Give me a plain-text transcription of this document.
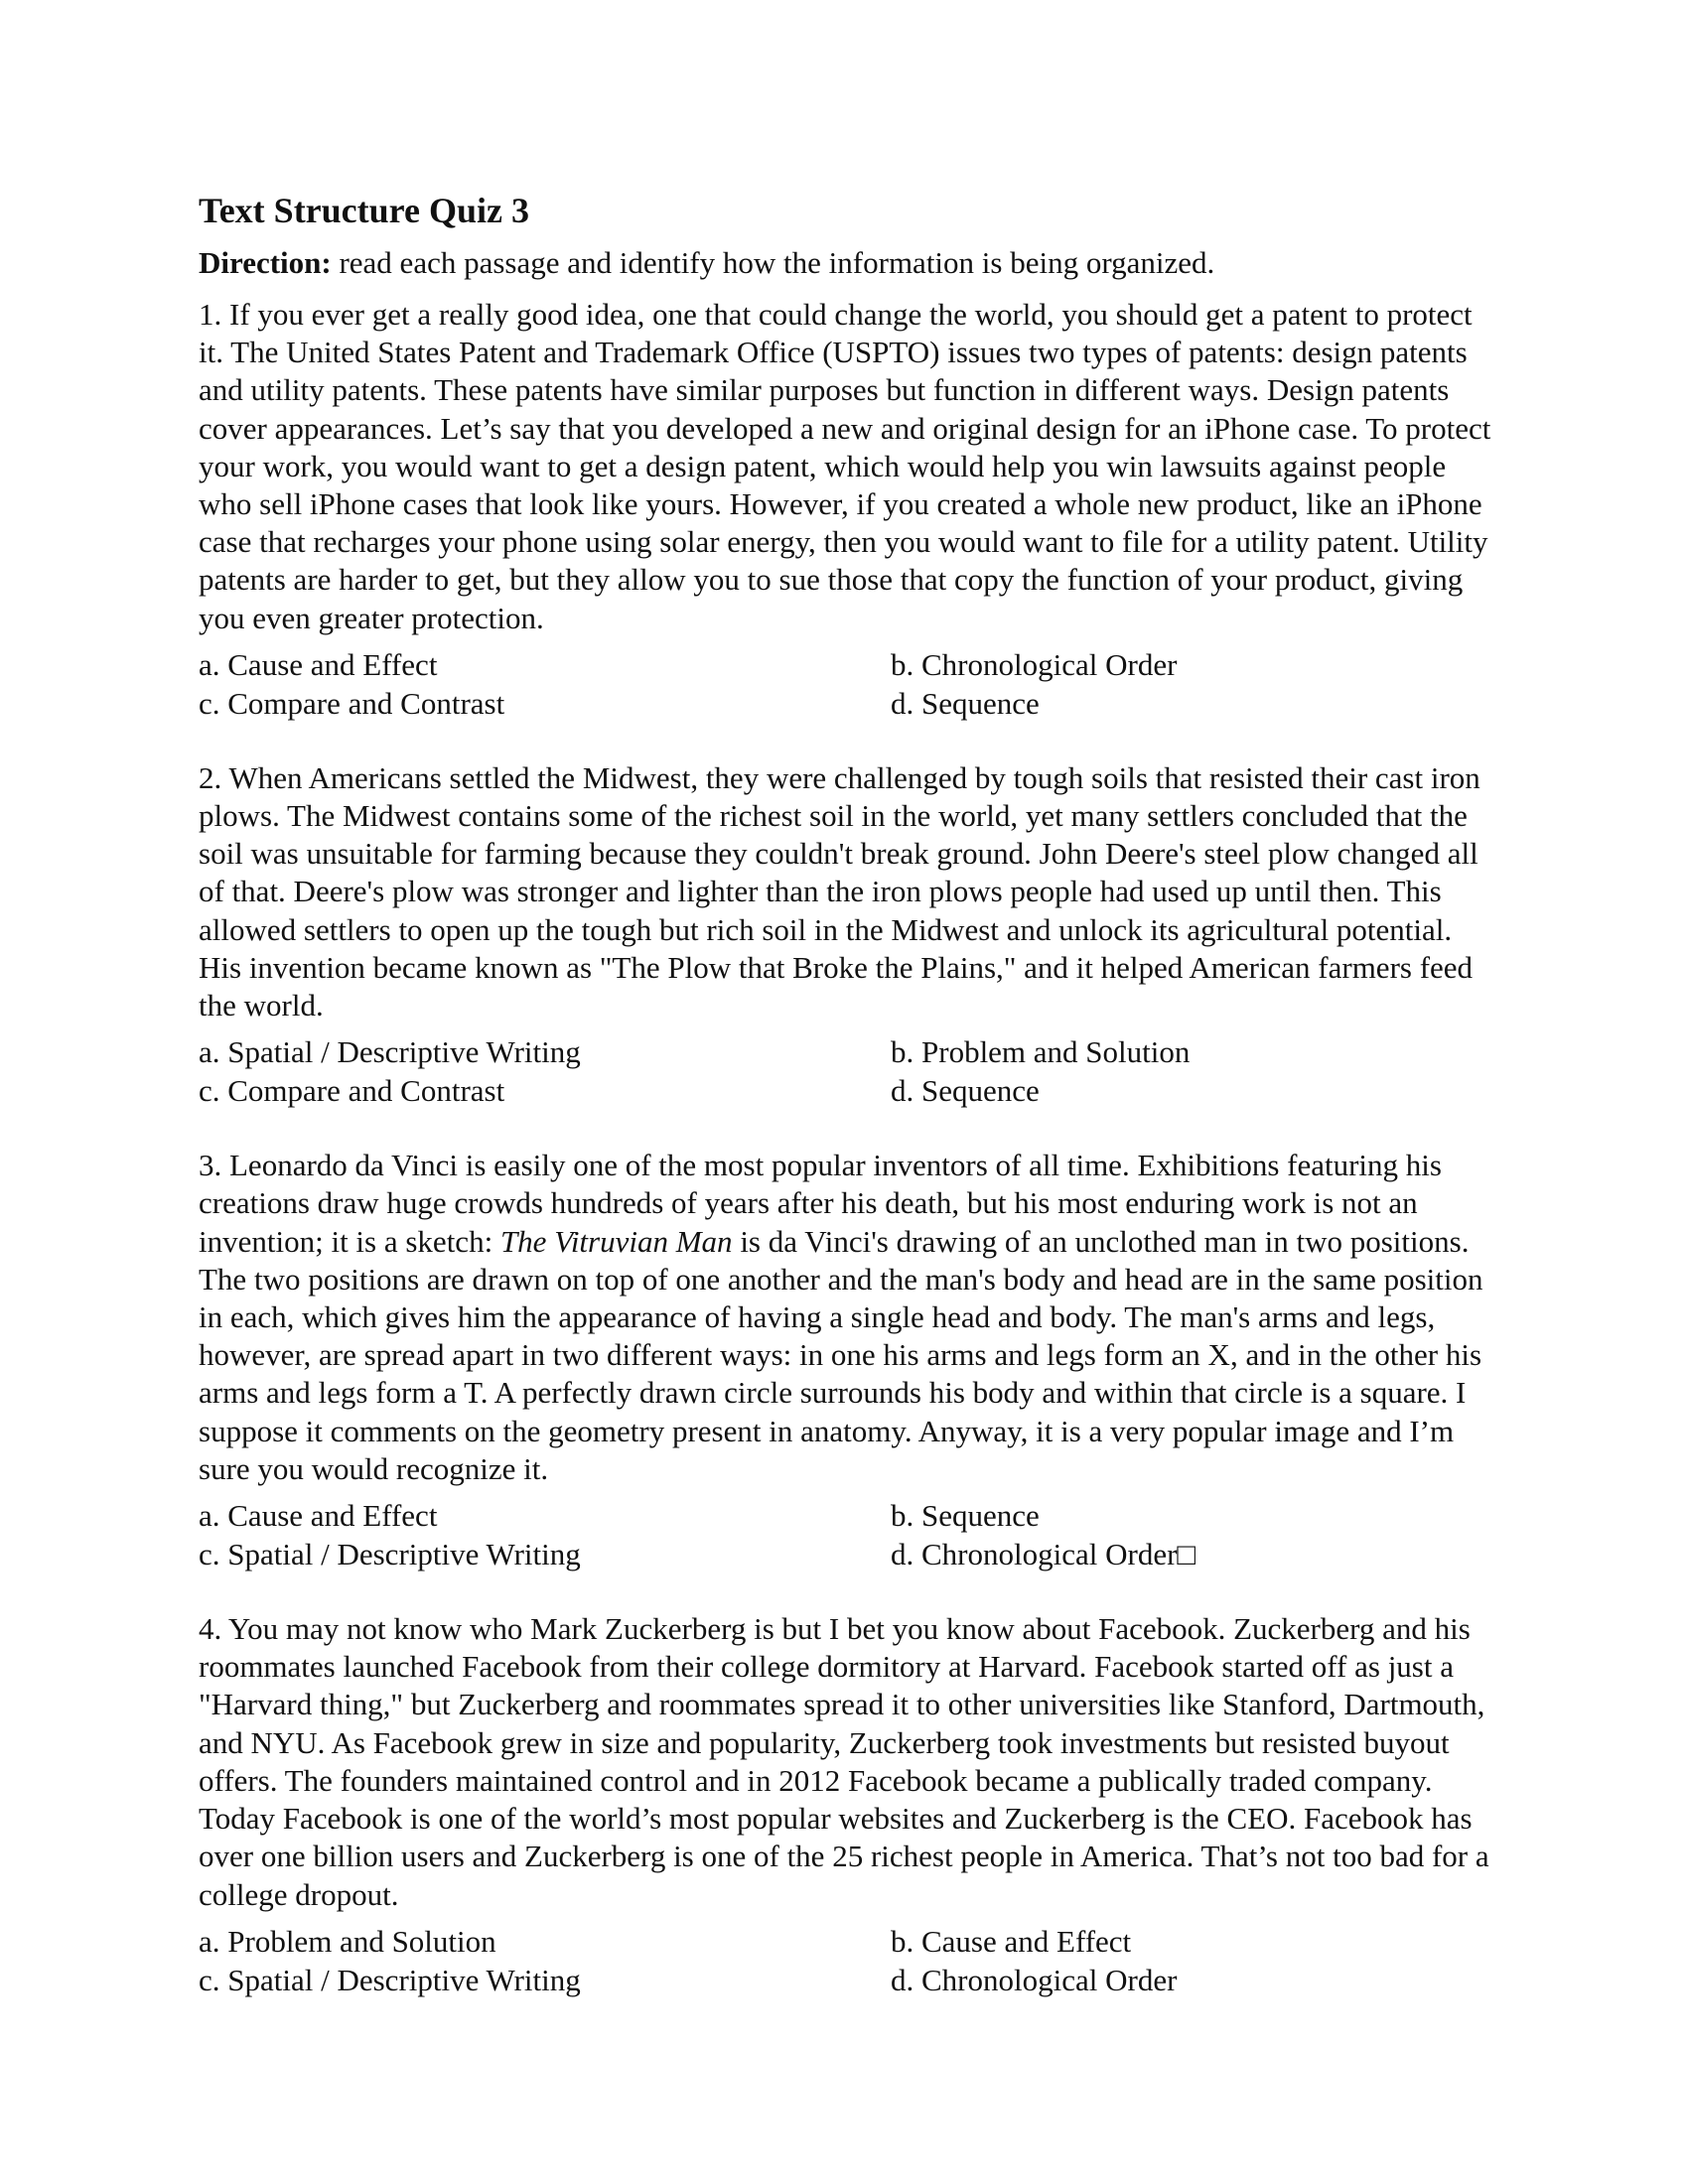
Text Structure Quiz 3

Direction: read each passage and identify how the information is being organized.

1. If you ever get a really good idea, one that could change the world, you should get a patent to protect it. The United States Patent and Trademark Office (USPTO) issues two types of patents: design patents and utility patents. These patents have similar purposes but function in different ways. Design patents cover appearances. Let’s say that you developed a new and original design for an iPhone case. To protect your work, you would want to get a design patent, which would help you win lawsuits against people who sell iPhone cases that look like yours. However, if you created a whole new product, like an iPhone case that recharges your phone using solar energy, then you would want to file for a utility patent. Utility patents are harder to get, but they allow you to sue those that copy the function of your product, giving you even greater protection.

a. Cause and Effect	b. Chronological Order
c. Compare and Contrast	d. Sequence

2. When Americans settled the Midwest, they were challenged by tough soils that resisted their cast iron plows. The Midwest contains some of the richest soil in the world, yet many settlers concluded that the soil was unsuitable for farming because they couldn't break ground. John Deere's steel plow changed all of that. Deere's plow was stronger and lighter than the iron plows people had used up until then. This allowed settlers to open up the tough but rich soil in the Midwest and unlock its agricultural potential. His invention became known as "The Plow that Broke the Plains," and it helped American farmers feed the world.

a. Spatial / Descriptive Writing	b. Problem and Solution
c. Compare and Contrast	d. Sequence

3. Leonardo da Vinci is easily one of the most popular inventors of all time. Exhibitions featuring his creations draw huge crowds hundreds of years after his death, but his most enduring work is not an invention; it is a sketch: The Vitruvian Man is da Vinci's drawing of an unclothed man in two positions. The two positions are drawn on top of one another and the man's body and head are in the same position in each, which gives him the appearance of having a single head and body. The man's arms and legs, however, are spread apart in two different ways: in one his arms and legs form an X, and in the other his arms and legs form a T. A perfectly drawn circle surrounds his body and within that circle is a square. I suppose it comments on the geometry present in anatomy. Anyway, it is a very popular image and I’m sure you would recognize it.

a. Cause and Effect	b. Sequence
c. Spatial / Descriptive Writing	d. Chronological Order□

4. You may not know who Mark Zuckerberg is but I bet you know about Facebook. Zuckerberg and his roommates launched Facebook from their college dormitory at Harvard. Facebook started off as just a "Harvard thing," but Zuckerberg and roommates spread it to other universities like Stanford, Dartmouth, and NYU. As Facebook grew in size and popularity, Zuckerberg took investments but resisted buyout offers. The founders maintained control and in 2012 Facebook became a publically traded company. Today Facebook is one of the world’s most popular websites and Zuckerberg is the CEO. Facebook has over one billion users and Zuckerberg is one of the 25 richest people in America. That’s not too bad for a college dropout.

a. Problem and Solution	b. Cause and Effect
c. Spatial / Descriptive Writing	d. Chronological Order
